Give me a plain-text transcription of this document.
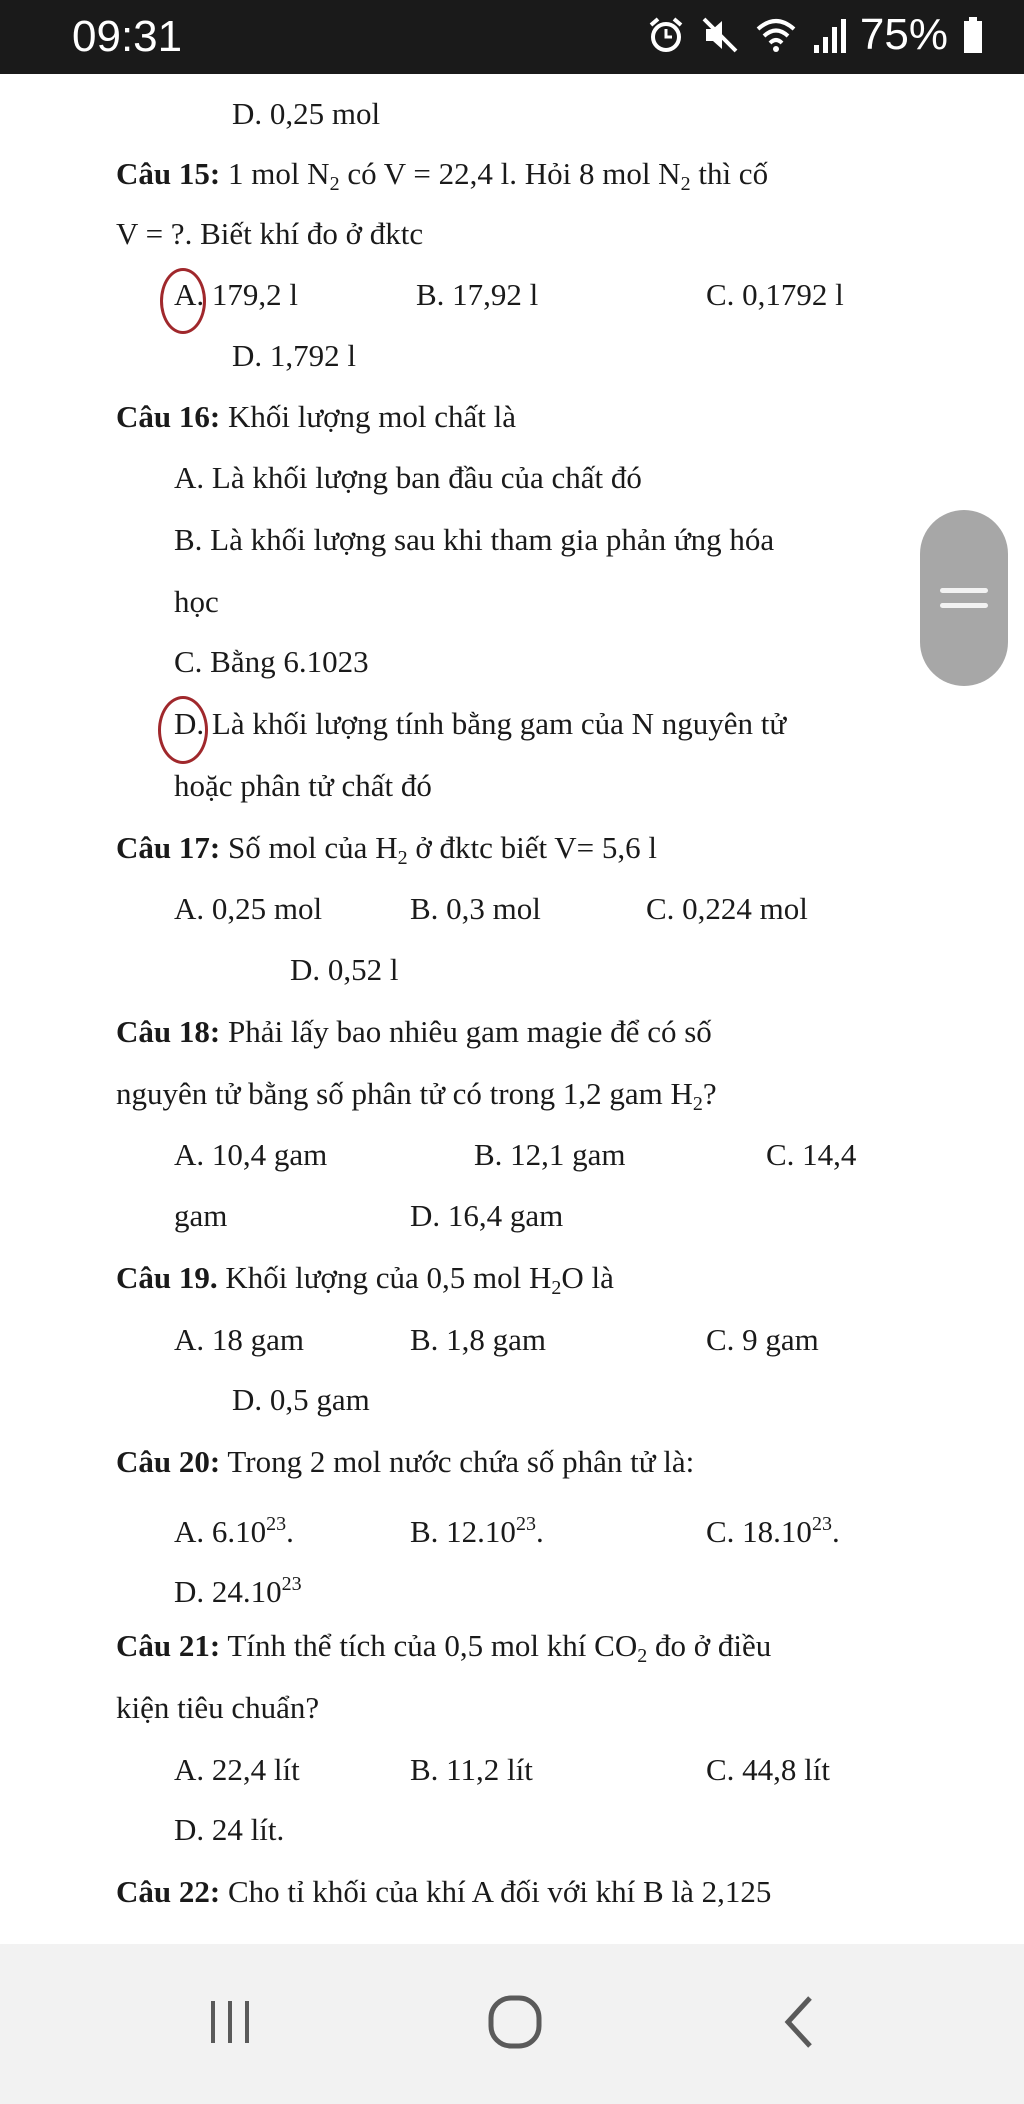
09:31	75%
D. 0,25 mol
Câu 15: 1 mol $N_2$ có V = 22,4 l. Hỏi 8 mol $N_2$ thì cố
V = ?. Biết khí đo ở đktc
A. 179,2 l	B. 17,92 l	C. 0,1792 l
D. 1,792 l
Câu 16: Khối lượng mol chất là
A. Là khối lượng ban đầu của chất đó
B. Là khối lượng sau khi tham gia phản ứng hóa
học
C. Bằng 6.1023
D. Là khối lượng tính bằng gam của N nguyên tử
hoặc phân tử chất đó
Câu 17: Số mol của $H_2$ ở đktc biết V= 5,6 l
A. 0,25 mol	B. 0,3 mol	C. 0,224 mol
D. 0,52 l
Câu 18: Phải lấy bao nhiêu gam magie để có số
nguyên tử bằng số phân tử có trong 1,2 gam $H_2$?
A. 10,4 gam	B. 12,1 gam	C. 14,4
gam	D. 16,4 gam
Câu 19. Khối lượng của 0,5 mol $H_2O$ là
A. 18 gam	B. 1,8 gam	C. 9 gam
D. 0,5 gam
Câu 20: Trong 2 mol nước chứa số phân tử là:
A. 6.10$^{23}$.	B. 12.10$^{23}$.	C. 18.10$^{23}$.
D. 24.10$^{23}$
Câu 21: Tính thể tích của 0,5 mol khí $CO_2$ đo ở điều
kiện tiêu chuẩn?
A. 22,4 lít	B. 11,2 lít	C. 44,8 lít
D. 24 lít.
Câu 22: Cho tỉ khối của khí A đối với khí B là 2,125
